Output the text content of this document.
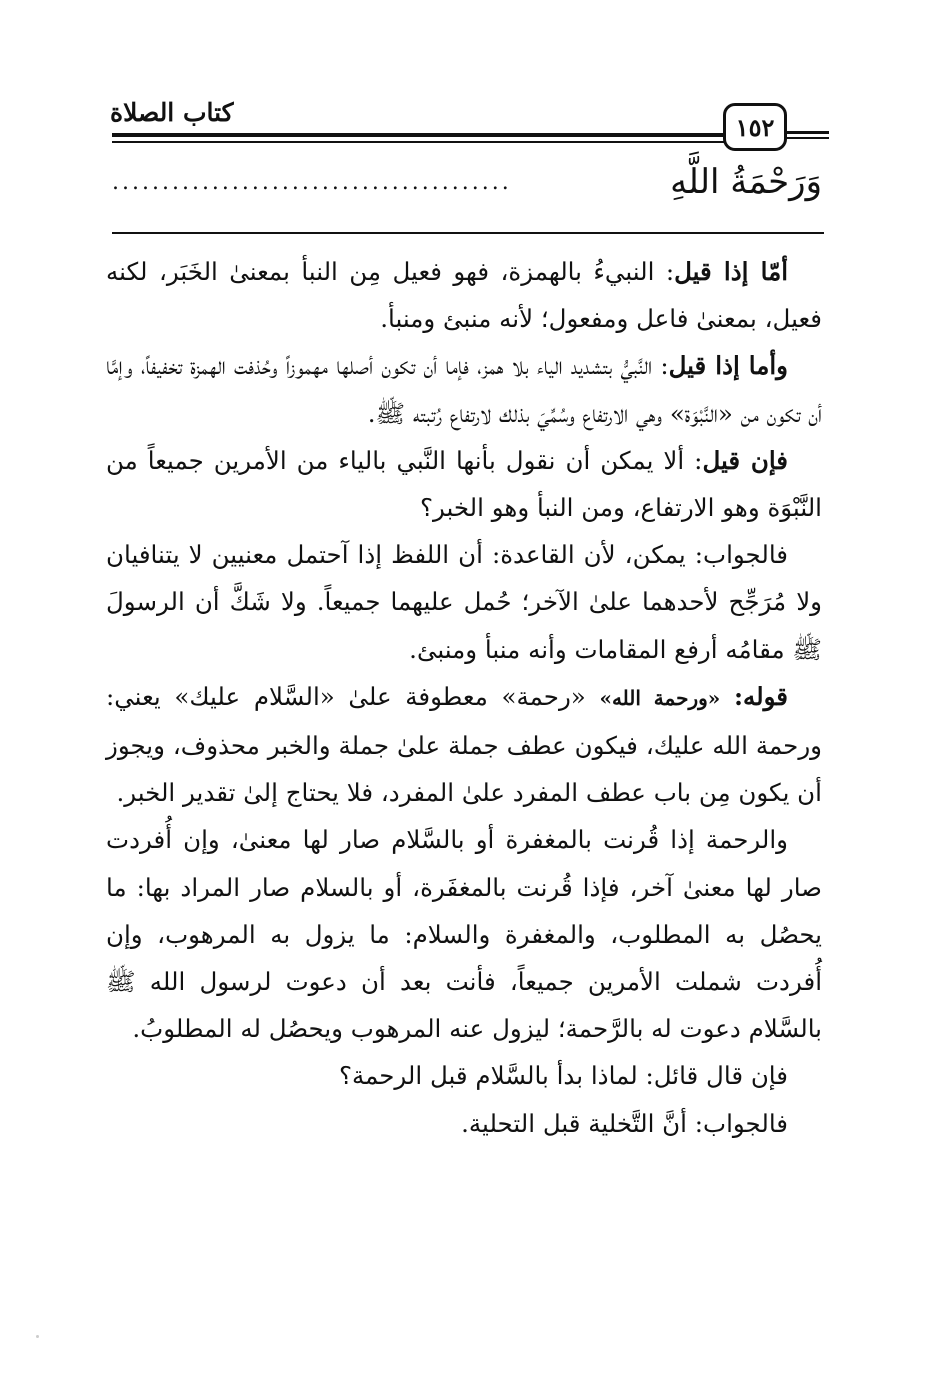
١٥٢
كتاب الصلاة
وَرَحْمَةُ اللَّهِ
........................................

أمّا إذا قيل: النبيءُ بالهمزة، فهو فعيل مِن النبأ بمعنىٰ الخَبَر، لكنه فعيل، بمعنىٰ فاعل ومفعول؛ لأنه منبئ ومنبأ.

وأما إذا قيل: النَّبيُّ بتشديد الياء بلا همز، فإما أن تكون أصلها مهموزاً وحُذفت الهمزة تخفيفاً، وإمَّا أن تكون من «النَّبْوَة» وهي الارتفاع وسُمِّيَ بذلك لارتفاع رُتبته ﷺ.

فإن قيل: ألا يمكن أن نقول بأنها النَّبي بالياء من الأمرين جميعاً من النَّبْوَة وهو الارتفاع، ومن النبأ وهو الخبر؟

فالجواب: يمكن، لأن القاعدة: أن اللفظ إذا آحتمل معنيين لا يتنافيان ولا مُرَجِّح لأحدهما علىٰ الآخر؛ حُمل عليهما جميعاً. ولا شَكَّ أن الرسولَ ﷺ مقامُه أرفع المقامات وأنه منبأ ومنبئ.

قوله: «ورحمة الله» «رحمة» معطوفة علىٰ «السَّلام عليك» يعني: ورحمة الله عليك، فيكون عطف جملة علىٰ جملة والخبر محذوف، ويجوز أن يكون مِن باب عطف المفرد علىٰ المفرد، فلا يحتاج إلىٰ تقدير الخبر.

والرحمة إذا قُرنت بالمغفرة أو بالسَّلام صار لها معنىٰ، وإن أُفردت صار لها معنىٰ آخر، فإذا قُرنت بالمغفَرة، أو بالسلام صار المراد بها: ما يحصُل به المطلوب، والمغفرة والسلام: ما يزول به المرهوب، وإن أُفردت شملت الأمرين جميعاً، فأنت بعد أن دعوت لرسول الله ﷺ بالسَّلام دعوت له بالرَّحمة؛ ليزول عنه المرهوب ويحصُل له المطلوبُ.

فإن قال قائل: لماذا بدأ بالسَّلام قبل الرحمة؟

فالجواب: أنَّ التَّخلية قبل التحلية.
